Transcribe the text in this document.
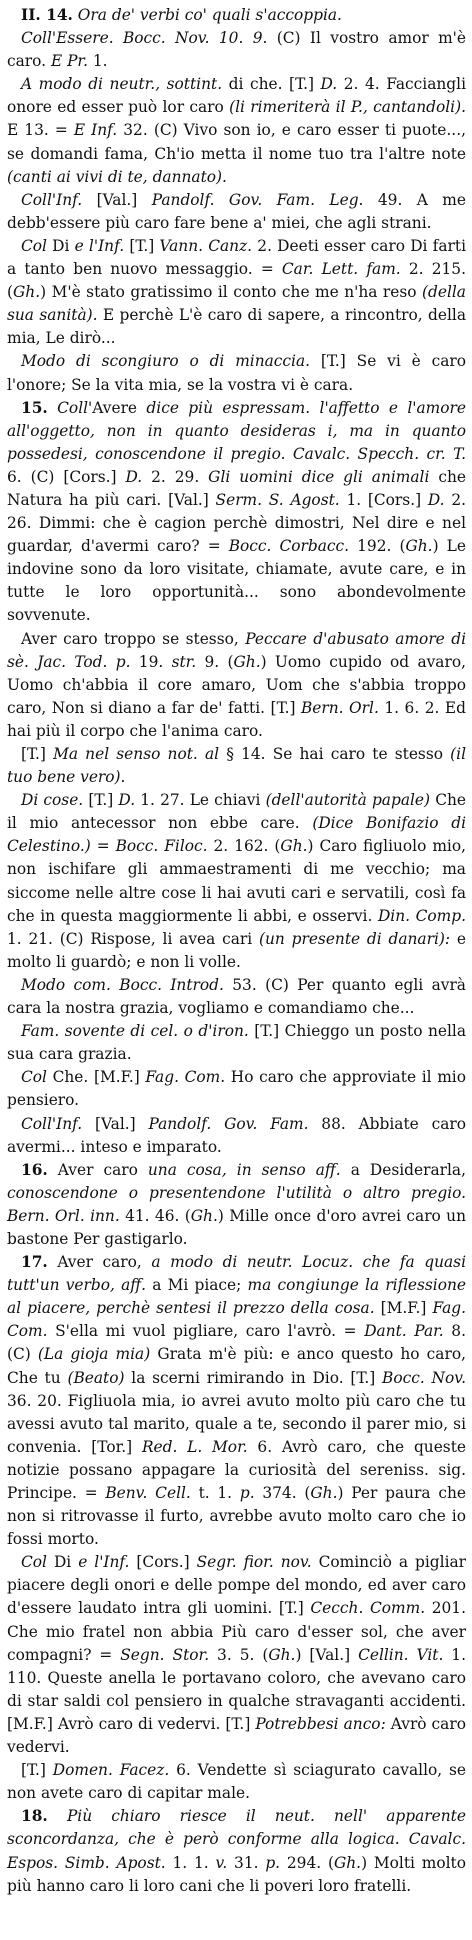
II. 14. Ora de' verbi co' quali s'accoppia.

Coll'Essere. Bocc. Nov. 10. 9. (C) Il vostro amor m'è caro. E Pr. 1.

A modo di neutr., sottint. di che. [T.] D. 2. 4. Facciangli onore ed esser può lor caro (li rimeriterà il P., cantandoli). E 13. = E Inf. 32. (C) Vivo son io, e caro esser ti puote..., se domandi fama, Ch'io metta il nome tuo tra l'altre note (canti ai vivi di te, dannato).

Coll'Inf. [Val.] Pandolf. Gov. Fam. Leg. 49. A me debb'essere più caro fare bene a' miei, che agli strani.

Col Di e l'Inf. [T.] Vann. Canz. 2. Deeti esser caro Di farti a tanto ben nuovo messaggio. = Car. Lett. fam. 2. 215. (Gh.) M'è stato gratissimo il conto che me n'ha reso (della sua sanità). E perchè L'è caro di sapere, a rincontro, della mia, Le dirò...

Modo di scongiuro o di minaccia. [T.] Se vi è caro l'onore; Se la vita mia, se la vostra vi è cara.

15. Coll'Avere dice più espressam. l'affetto e l'amore all'oggetto, non in quanto desideras i, ma in quanto possedesi, conoscendone il pregio. Cavalc. Specch. cr. T. 6. (C) [Cors.] D. 2. 29. Gli uomini dice gli animali che Natura ha più cari. [Val.] Serm. S. Agost. 1. [Cors.] D. 2. 26. Dimmi: che è cagion perchè dimostri, Nel dire e nel guardar, d'avermi caro? = Bocc. Corbacc. 192. (Gh.) Le indovine sono da loro visitate, chiamate, avute care, e in tutte le loro opportunità... sono abondevolmente sovvenute.

Aver caro troppo se stesso, Peccare d'abusato amore di sè. Jac. Tod. p. 19. str. 9. (Gh.) Uomo cupido od avaro, Uomo ch'abbia il core amaro, Uom che s'abbia troppo caro, Non si diano a far de' fatti. [T.] Bern. Orl. 1. 6. 2. Ed hai più il corpo che l'anima caro.

[T.] Ma nel senso not. al § 14. Se hai caro te stesso (il tuo bene vero).

Di cose. [T.] D. 1. 27. Le chiavi (dell'autorità papale) Che il mio antecessor non ebbe care. (Dice Bonifazio di Celestino.) = Bocc. Filoc. 2. 162. (Gh.) Caro figliuolo mio, non ischifare gli ammaestramenti di me vecchio; ma siccome nelle altre cose li hai avuti cari e servatili, così fa che in questa maggiormente li abbi, e osservi. Din. Comp. 1. 21. (C) Rispose, li avea cari (un presente di danari): e molto li guardò; e non li volle.

Modo com. Bocc. Introd. 53. (C) Per quanto egli avrà cara la nostra grazia, vogliamo e comandiamo che...

Fam. sovente di cel. o d'iron. [T.] Chieggo un posto nella sua cara grazia.

Col Che. [M.F.] Fag. Com. Ho caro che approviate il mio pensiero.

Coll'Inf. [Val.] Pandolf. Gov. Fam. 88. Abbiate caro avermi... inteso e imparato.

16. Aver caro una cosa, in senso aff. a Desiderarla, conoscendone o presentendone l'utilità o altro pregio. Bern. Orl. inn. 41. 46. (Gh.) Mille once d'oro avrei caro un bastone Per gastigarlo.

17. Aver caro, a modo di neutr. Locuz. che fa quasi tutt'un verbo, aff. a Mi piace; ma congiunge la riflessione al piacere, perchè sentesi il prezzo della cosa. [M.F.] Fag. Com. S'ella mi vuol pigliare, caro l'avrò. = Dant. Par. 8. (C) (La gioja mia) Grata m'è più: e anco questo ho caro, Che tu (Beato) la scerni rimirando in Dio. [T.] Bocc. Nov. 36. 20. Figliuola mia, io avrei avuto molto più caro che tu avessi avuto tal marito, quale a te, secondo il parer mio, si convenia. [Tor.] Red. L. Mor. 6. Avrò caro, che queste notizie possano appagare la curiosità del sereniss. sig. Principe. = Benv. Cell. t. 1. p. 374. (Gh.) Per paura che non si ritrovasse il furto, avrebbe avuto molto caro che io fossi morto.

Col Di e l'Inf. [Cors.] Segr. fior. nov. Cominciò a pigliar piacere degli onori e delle pompe del mondo, ed aver caro d'essere laudato intra gli uomini. [T.] Cecch. Comm. 201. Che mio fratel non abbia Più caro d'esser sol, che aver compagni? = Segn. Stor. 3. 5. (Gh.) [Val.] Cellin. Vit. 1. 110. Queste anella le portavano coloro, che avevano caro di star saldi col pensiero in qualche stravaganti accidenti. [M.F.] Avrò caro di vedervi. [T.] Potrebbesi anco: Avrò caro vedervi.

[T.] Domen. Facez. 6. Vendette sì sciagurato cavallo, se non avete caro di capitar male.

18. Più chiaro riesce il neut. nell' apparente sconcordanza, che è però conforme alla logica. Cavalc. Espos. Simb. Apost. 1. 1. v. 31. p. 294. (Gh.) Molti molto più hanno caro li loro cani che li poveri loro fratelli.
